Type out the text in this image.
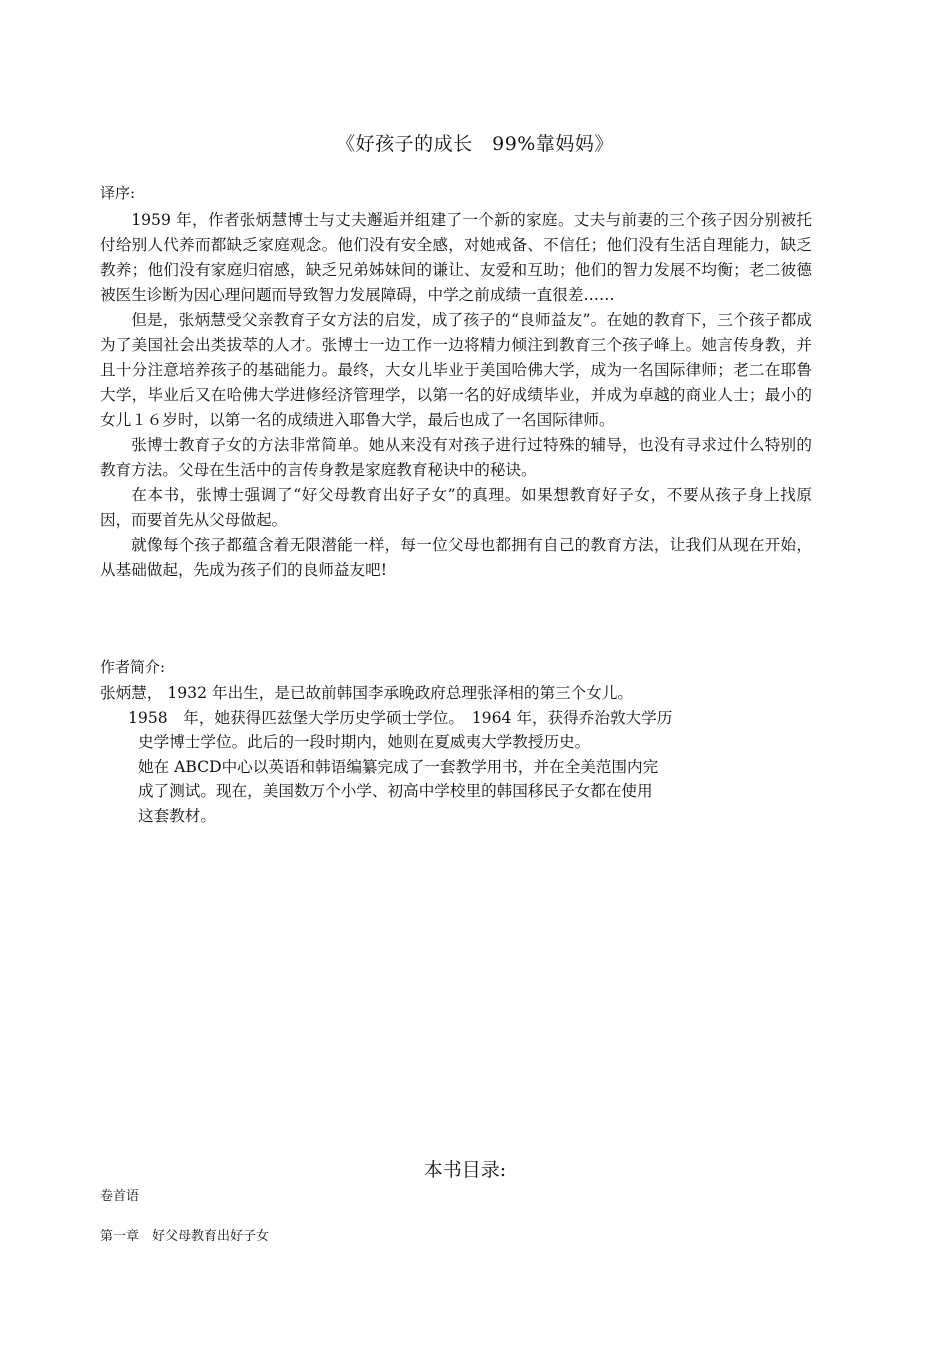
《好孩子的成长　99%靠妈妈》
译序:

1959 年，作者张炳慧博士与丈夫邂逅并组建了一个新的家庭。丈夫与前妻的三个孩子因分别被托付给别人代养而都缺乏家庭观念。他们没有安全感，对她戒备、不信任；他们没有生活自理能力，缺乏教养；他们没有家庭归宿感，缺乏兄弟姊妹间的谦让、友爱和互助；他们的智力发展不均衡；老二彼德被医生诊断为因心理问题而导致智力发展障碍，中学之前成绩一直很差……

但是，张炳慧受父亲教育子女方法的启发，成了孩子的“良师益友”。在她的教育下，三个孩子都成为了美国社会出类拔萃的人才。张博士一边工作一边将精力倾注到教育三个孩子峰上。她言传身教，并且十分注意培养孩子的基础能力。最终，大女儿毕业于美国哈佛大学，成为一名国际律师；老二在耶鲁大学，毕业后又在哈佛大学进修经济管理学，以第一名的好成绩毕业，并成为卓越的商业人士；最小的女儿１６岁时，以第一名的成绩进入耶鲁大学，最后也成了一名国际律师。

张博士教育子女的方法非常简单。她从来没有对孩子进行过特殊的辅导，也没有寻求过什么特别的教育方法。父母在生活中的言传身教是家庭教育秘诀中的秘诀。

在本书，张博士强调了“好父母教育出好子女”的真理。如果想教育好子女，不要从孩子身上找原因，而要首先从父母做起。

就像每个孩子都蕴含着无限潜能一样，每一位父母也都拥有自己的教育方法，让我们从现在开始，从基础做起，先成为孩子们的良师益友吧!

作者简介:

张炳慧， 1932 年出生，是已故前韩国李承晚政府总理张泽相的第三个女儿。

1958　年，她获得匹兹堡大学历史学硕士学位。　1964 年，获得乔治敦大学历

史学博士学位。此后的一段时期内，她则在夏威夷大学教授历史。

她在 ABCD中心以英语和韩语编纂完成了一套教学用书，并在全美范围内完

成了测试。现在，美国数万个小学、初高中学校里的韩国移民子女都在使用

这套教材。

本书目录:
卷首语
第一章　好父母教育出好子女
